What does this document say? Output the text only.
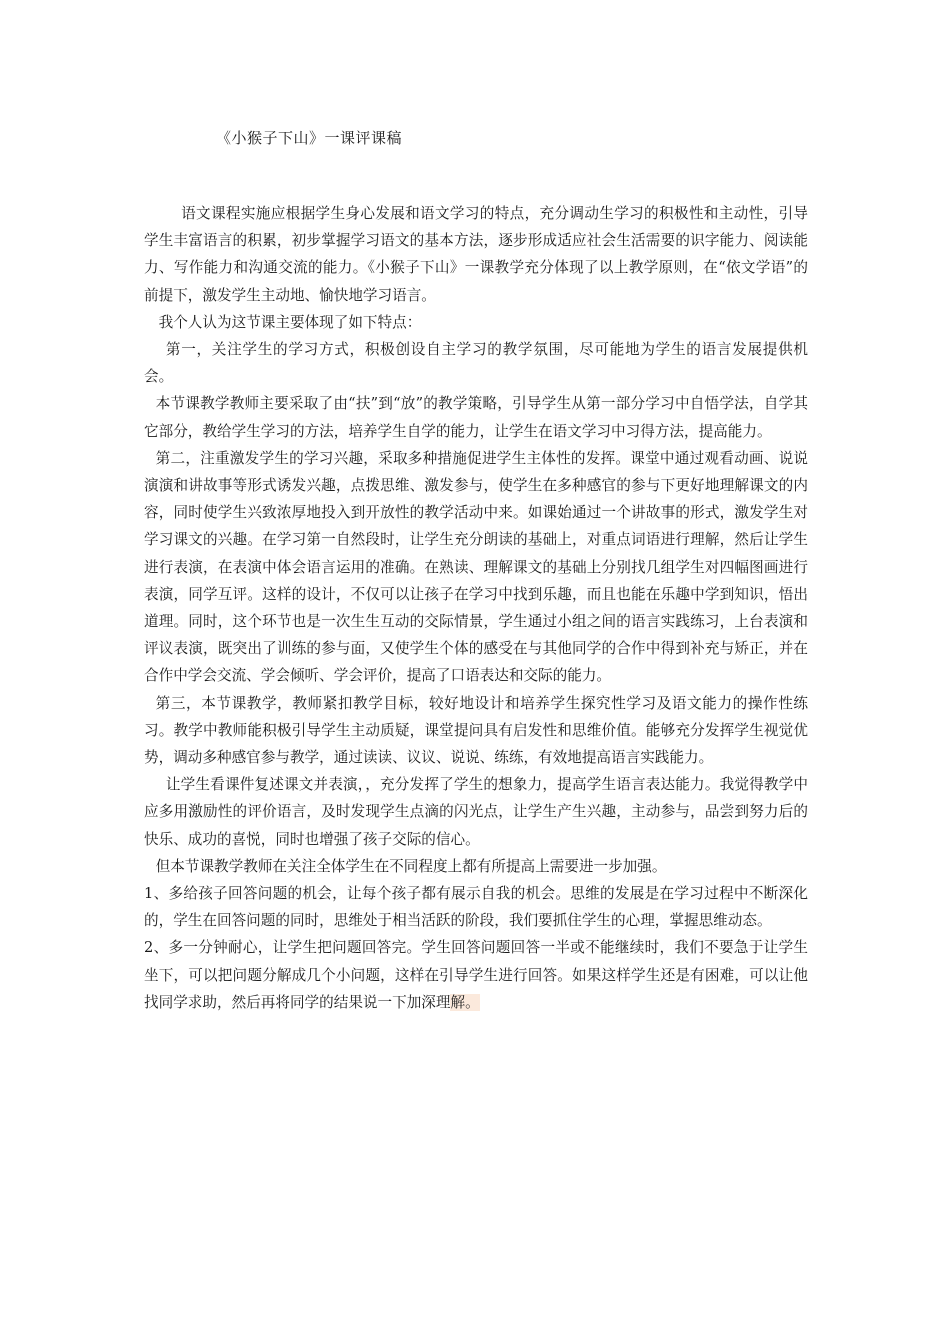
《小猴子下山》一课评课稿

语文课程实施应根据学生身心发展和语文学习的特点，充分调动生学习的积极性和主动性，引导学生丰富语言的积累，初步掌握学习语文的基本方法，逐步形成适应社会生活需要的识字能力、阅读能力、写作能力和沟通交流的能力。《小猴子下山》一课教学充分体现了以上教学原则，在“依文学语”的前提下，激发学生主动地、愉快地学习语言。

我个人认为这节课主要体现了如下特点：

第一，关注学生的学习方式，积极创设自主学习的教学氛围，尽可能地为学生的语言发展提供机会。

本节课教学教师主要采取了由“扶”到“放”的教学策略，引导学生从第一部分学习中自悟学法，自学其它部分，教给学生学习的方法，培养学生自学的能力，让学生在语文学习中习得方法，提高能力。

第二，注重激发学生的学习兴趣，采取多种措施促进学生主体性的发挥。课堂中通过观看动画、说说演演和讲故事等形式诱发兴趣，点拨思维、激发参与，使学生在多种感官的参与下更好地理解课文的内容，同时使学生兴致浓厚地投入到开放性的教学活动中来。如课始通过一个讲故事的形式，激发学生对学习课文的兴趣。在学习第一自然段时，让学生充分朗读的基础上，对重点词语进行理解，然后让学生进行表演，在表演中体会语言运用的准确。在熟读、理解课文的基础上分别找几组学生对四幅图画进行表演，同学互评。这样的设计，不仅可以让孩子在学习中找到乐趣，而且也能在乐趣中学到知识，悟出道理。同时，这个环节也是一次生生互动的交际情景，学生通过小组之间的语言实践练习，上台表演和评议表演，既突出了训练的参与面，又使学生个体的感受在与其他同学的合作中得到补充与矫正，并在合作中学会交流、学会倾听、学会评价，提高了口语表达和交际的能力。

第三，本节课教学，教师紧扣教学目标，较好地设计和培养学生探究性学习及语文能力的操作性练习。教学中教师能积极引导学生主动质疑，课堂提问具有启发性和思维价值。能够充分发挥学生视觉优势，调动多种感官参与教学，通过读读、议议、说说、练练，有效地提高语言实践能力。

让学生看课件复述课文并表演，，充分发挥了学生的想象力，提高学生语言表达能力。我觉得教学中应多用激励性的评价语言，及时发现学生点滴的闪光点，让学生产生兴趣，主动参与，品尝到努力后的快乐、成功的喜悦，同时也增强了孩子交际的信心。

但本节课教学教师在关注全体学生在不同程度上都有所提高上需要进一步加强。

1、多给孩子回答问题的机会，让每个孩子都有展示自我的机会。思维的发展是在学习过程中不断深化的，学生在回答问题的同时，思维处于相当活跃的阶段，我们要抓住学生的心理，掌握思维动态。

2、多一分钟耐心，让学生把问题回答完。学生回答问题回答一半或不能继续时，我们不要急于让学生坐下，可以把问题分解成几个小问题，这样在引导学生进行回答。如果这样学生还是有困难，可以让他找同学求助，然后再将同学的结果说一下加深理解。
